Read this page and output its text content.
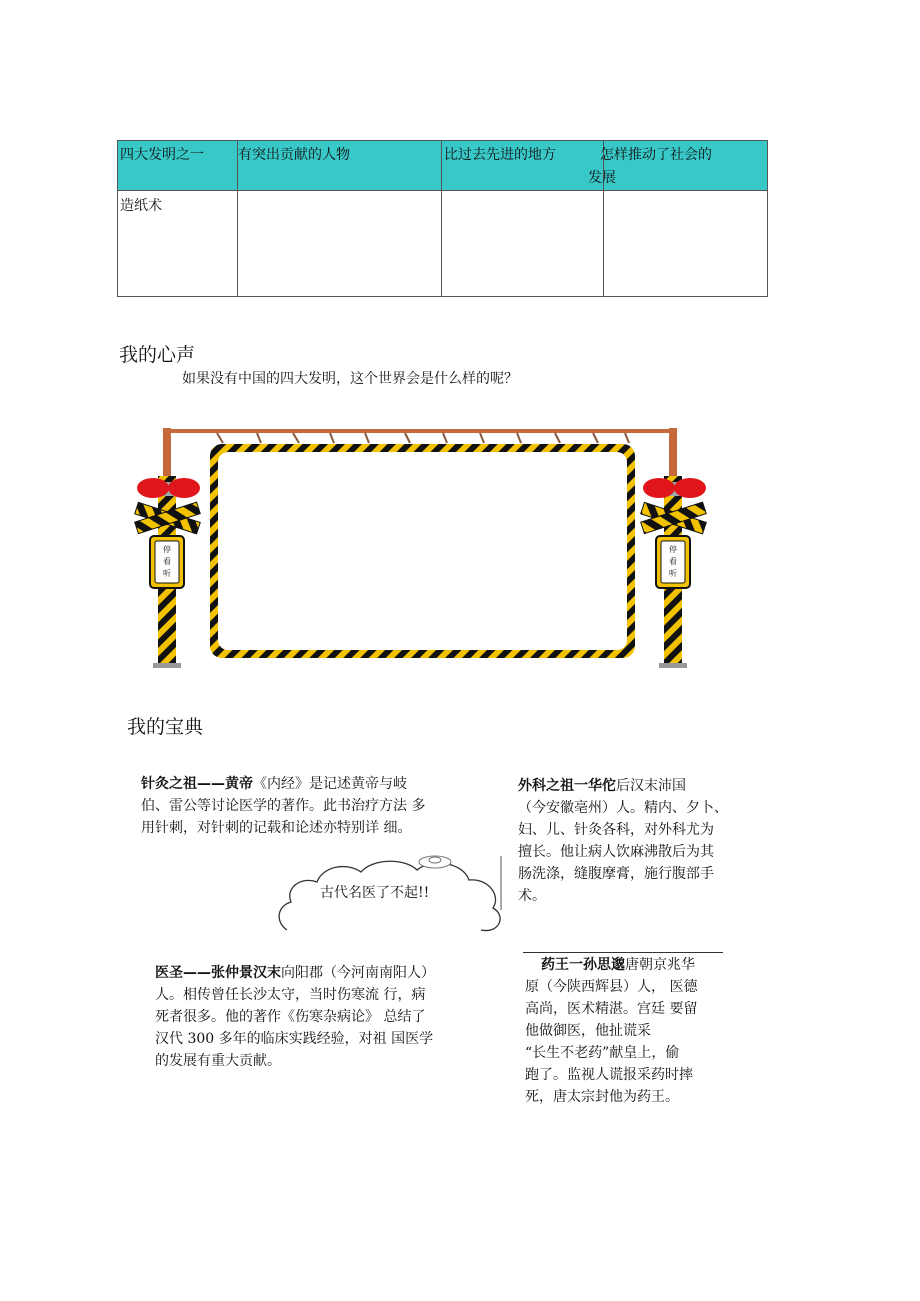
四大发明之一	有突出贡献的人物	比过去先进的地方	怎样推动了社会的
发展

造纸术			
我的心声
如果没有中国的四大发明，这个世界会是什么样的呢？
停
看
听
停
看
听
我的宝典
针灸之祖——黄帝《内经》是记述黄帝与岐
伯、雷公等讨论医学的著作。此书治疗方法 多
用针刺，对针刺的记载和论述亦特别详 细。
外科之祖一华佗后汉末沛国
（今安徽亳州）人。精内、夕卜、
妇、儿、针灸各科，对外科尤为
擅长。他让病人饮麻沸散后为其
肠洗涤，缝腹摩膏，施行腹部手
术。
古代名医了不起!!
医圣——张仲景汉末向阳郡（今河南南阳人）
人。相传曾任长沙太守，当时伤寒流 行，病
死者很多。他的著作《伤寒杂病论》 总结了
汉代 300 多年的临床实践经验，对祖 国医学
的发展有重大贡献。
药王一孙思邈唐朝京兆华
原（今陕西辉县）人， 医德
高尚，医术精湛。宫廷 要留
他做御医，他扯谎采
“长生不老药”献皇上，偷
跑了。监视人谎报采药时摔
死，唐太宗封他为药王。
